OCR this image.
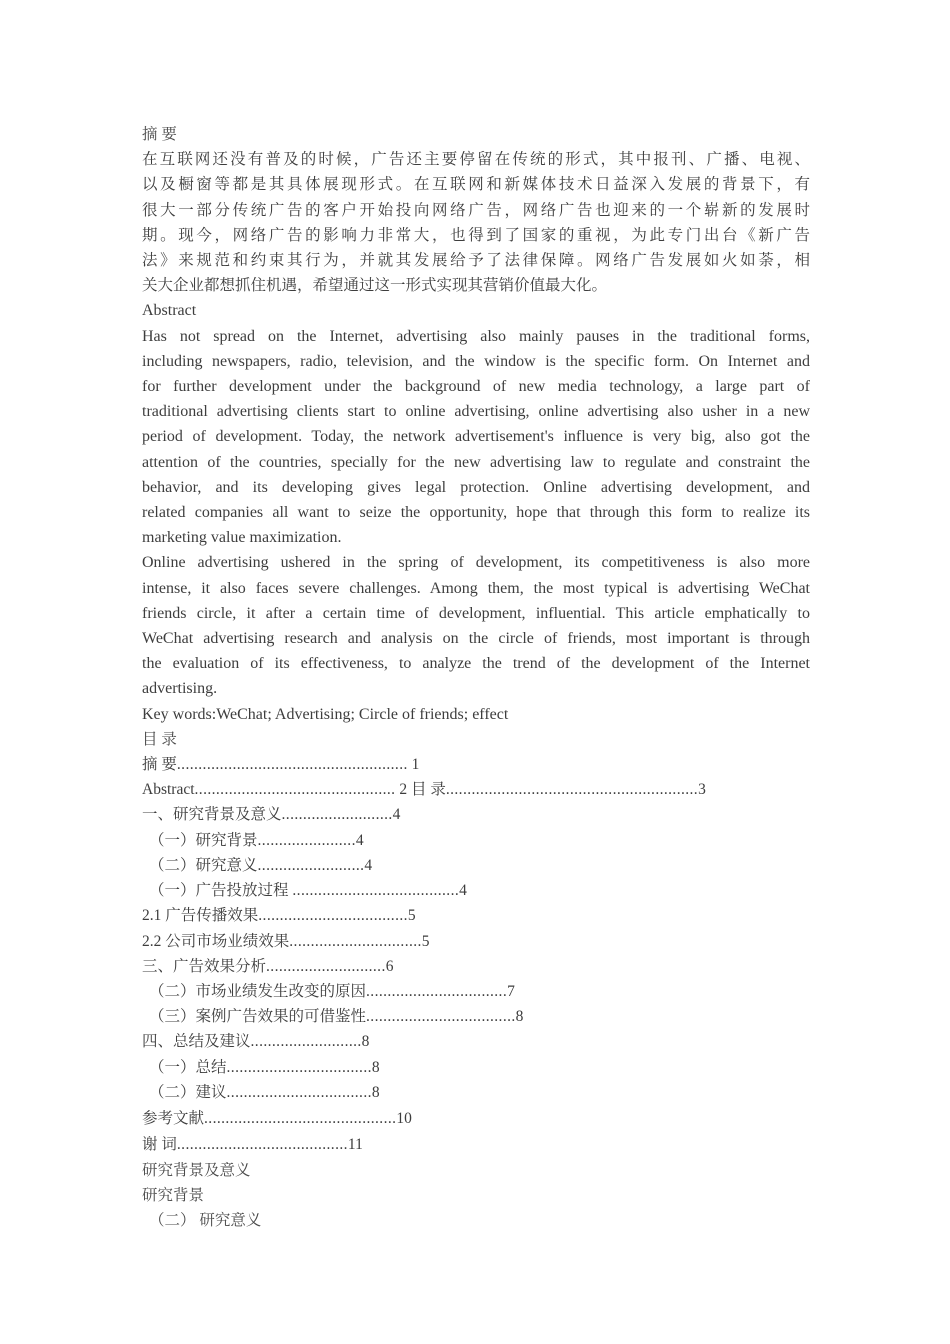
摘 要
在互联网还没有普及的时候，广告还主要停留在传统的形式，其中报刊、广播、电视、
以及橱窗等都是其具体展现形式。在互联网和新媒体技术日益深入发展的背景下，有
很大一部分传统广告的客户开始投向网络广告，网络广告也迎来的一个崭新的发展时
期。现今，网络广告的影响力非常大，也得到了国家的重视，为此专门出台《新广告
法》来规范和约束其行为，并就其发展给予了法律保障。网络广告发展如火如荼，相
关大企业都想抓住机遇，希望通过这一形式实现其营销价值最大化。
Abstract
Has not spread on the Internet, advertising also mainly pauses in the traditional forms,
including newspapers, radio, television, and the window is the specific form. On Internet and
for further development under the background of new media technology, a large part of
traditional advertising clients start to online advertising, online advertising also usher in a new
period of development. Today, the network advertisement's influence is very big, also got the
attention of the countries, specially for the new advertising law to regulate and constraint the
behavior, and its developing gives legal protection. Online advertising development, and
related companies all want to seize the opportunity, hope that through this form to realize its
marketing value maximization.
Online advertising ushered in the spring of development, its competitiveness is also more
intense, it also faces severe challenges. Among them, the most typical is advertising WeChat
friends circle, it after a certain time of development, influential. This article emphatically to
WeChat advertising research and analysis on the circle of friends, most important is through
the evaluation of its effectiveness, to analyze the trend of the development of the Internet
advertising.
Key words:WeChat; Advertising; Circle of friends; effect
目 录
摘 要...................................................... 1
Abstract............................................... 2 目 录...........................................................3
一、研究背景及意义..........................4
（一）研究背景.......................4
（二）研究意义.........................4
（一）广告投放过程 .......................................4
2.1 广告传播效果...................................5
2.2 公司市场业绩效果...............................5
三、广告效果分析............................6
（二）市场业绩发生改变的原因.................................7
（三）案例广告效果的可借鉴性...................................8
四、总结及建议..........................8
（一）总结..................................8
（二）建议..................................8
参考文献.............................................10
谢 词........................................11
研究背景及意义
研究背景
（二） 研究意义
